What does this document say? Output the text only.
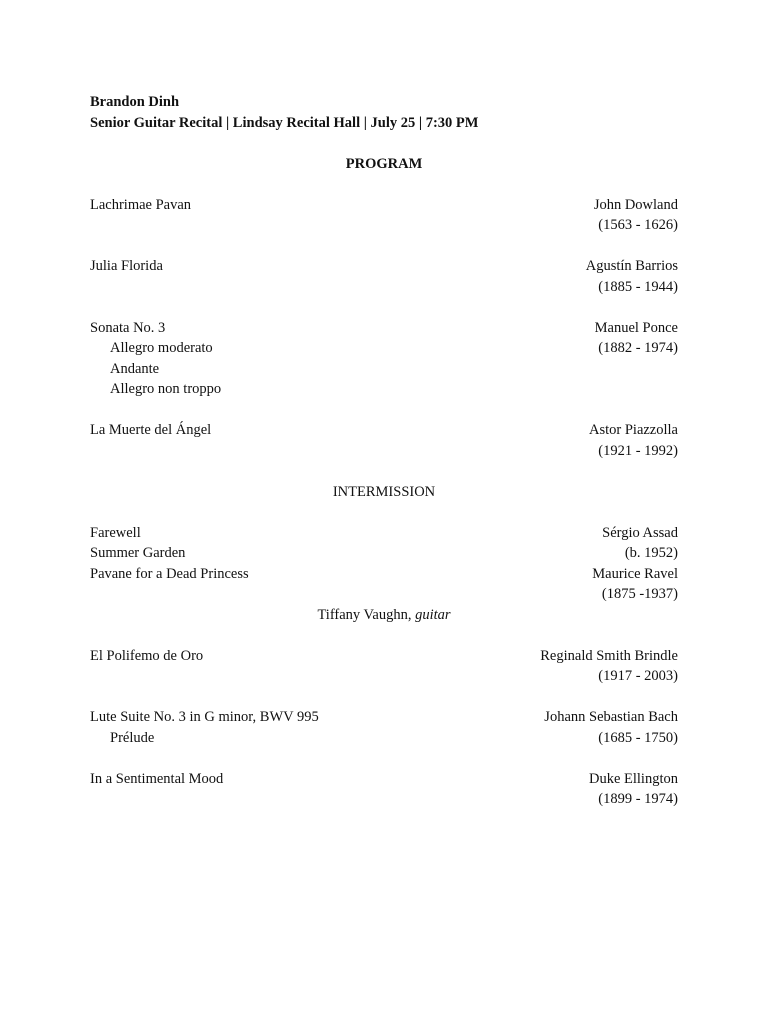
Brandon Dinh
Senior Guitar Recital | Lindsay Recital Hall | July 25 | 7:30 PM
PROGRAM
Lachrimae Pavan	John Dowland
(1563 - 1626)
Julia Florida	Agustín Barrios
(1885 - 1944)
Sonata No. 3	Manuel Ponce
Allegro moderato	(1882 - 1974)
Andante
Allegro non troppo
La Muerte del Ángel	Astor Piazzolla
(1921 - 1992)
INTERMISSION
Farewell	Sérgio Assad
Summer Garden	(b. 1952)
Pavane for a Dead Princess	Maurice Ravel
(1875 -1937)
Tiffany Vaughn, guitar
El Polifemo de Oro	Reginald Smith Brindle
(1917 - 2003)
Lute Suite No. 3 in G minor, BWV 995	Johann Sebastian Bach
Prélude	(1685 - 1750)
In a Sentimental Mood	Duke Ellington
(1899 - 1974)
